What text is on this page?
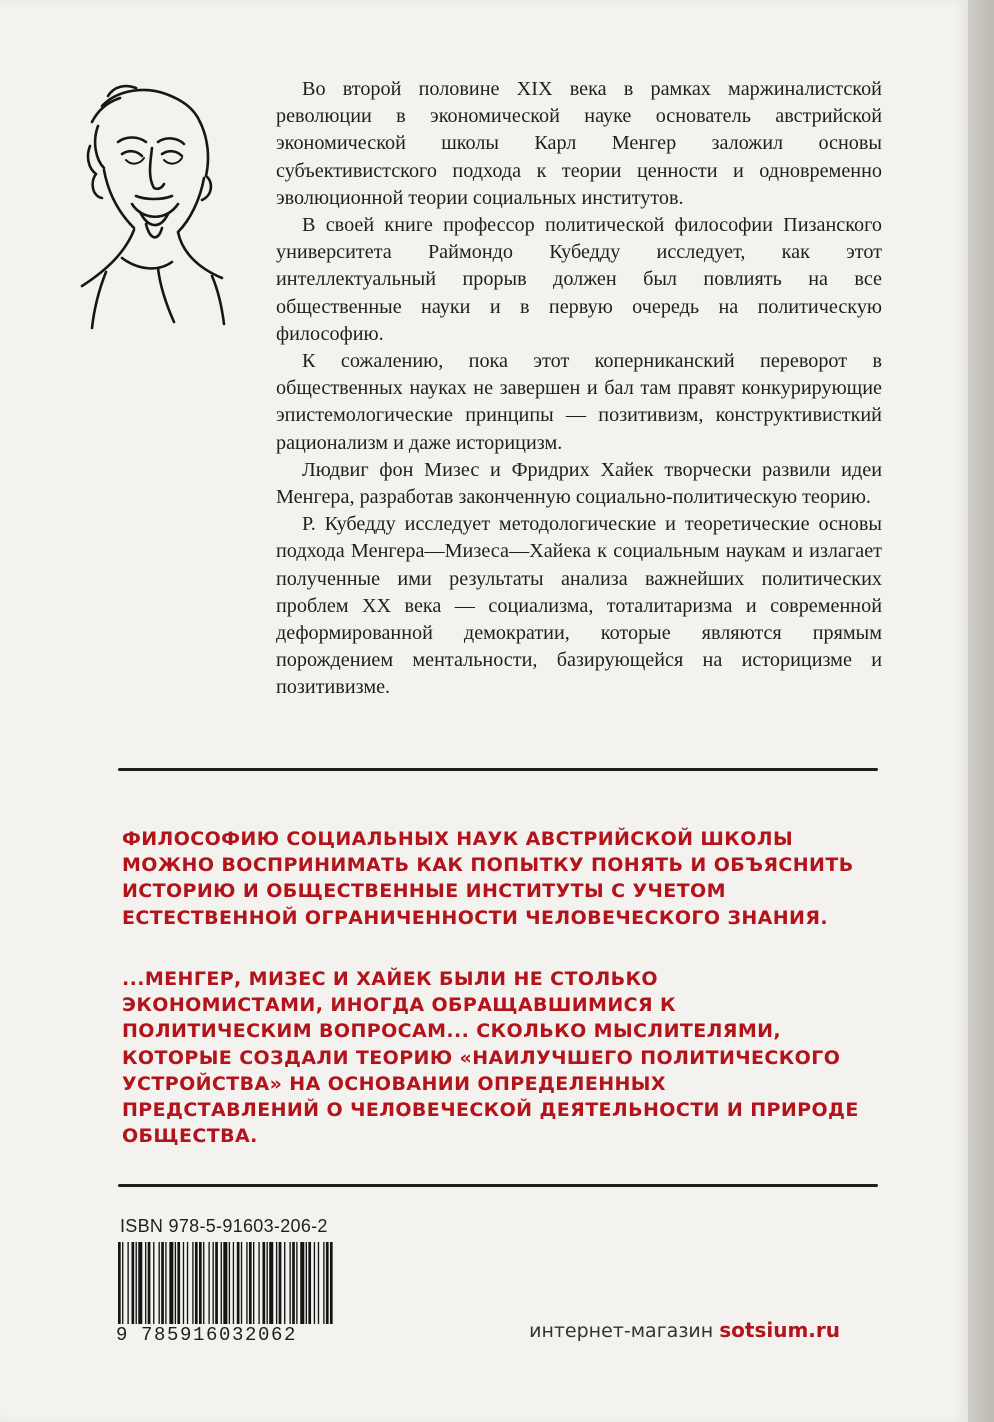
Во второй половине XIX века в рамках маржиналистской революции в экономической науке основатель австрийской экономической школы Карл Менгер заложил основы субъективистского подхода к теории ценности и одновременно эволюционной теории социальных институтов.

В своей книге профессор политической философии Пизанского университета Раймондо Кубедду исследует, как этот интеллектуальный прорыв должен был повлиять на все общественные науки и в первую очередь на политическую философию.

К сожалению, пока этот коперниканский переворот в общественных науках не завершен и бал там правят конкурирующие эпистемологические принципы — позитивизм, конструктивисткий рационализм и даже историцизм.

Людвиг фон Мизес и Фридрих Хайек творчески развили идеи Менгера, разработав законченную социально-политическую теорию.

Р. Кубедду исследует методологические и теоретические основы подхода Менгера—Мизеса—Хайека к социальным наукам и излагает полученные ими результаты анализа важнейших политических проблем XX века — социализма, тоталитаризма и современной деформированной демократии, которые являются прямым порождением ментальности, базирующейся на историцизме и позитивизме.

ФИЛОСОФИЮ СОЦИАЛЬНЫХ НАУК АВСТРИЙСКОЙ ШКОЛЫ МОЖНО ВОСПРИНИМАТЬ КАК ПОПЫТКУ ПОНЯТЬ И ОБЪЯСНИТЬ ИСТОРИЮ И ОБЩЕСТВЕННЫЕ ИНСТИТУТЫ С УЧЕТОМ ЕСТЕСТВЕННОЙ ОГРАНИЧЕННОСТИ ЧЕЛОВЕЧЕСКОГО ЗНАНИЯ.

...МЕНГЕР, МИЗЕС И ХАЙЕК БЫЛИ НЕ СТОЛЬКО ЭКОНОМИСТАМИ, ИНОГДА ОБРАЩАВШИМИСЯ К ПОЛИТИЧЕСКИМ ВОПРОСАМ... СКОЛЬКО МЫСЛИТЕЛЯМИ, КОТОРЫЕ СОЗДАЛИ ТЕОРИЮ «НАИЛУЧШЕГО ПОЛИТИЧЕСКОГО УСТРОЙСТВА» НА ОСНОВАНИИ ОПРЕДЕЛЕННЫХ ПРЕДСТАВЛЕНИЙ О ЧЕЛОВЕЧЕСКОЙ ДЕЯТЕЛЬНОСТИ И ПРИРОДЕ ОБЩЕСТВА.

ISBN 978-5-91603-206-2
9 785916032062	интернет-магазин sotsium.ru
